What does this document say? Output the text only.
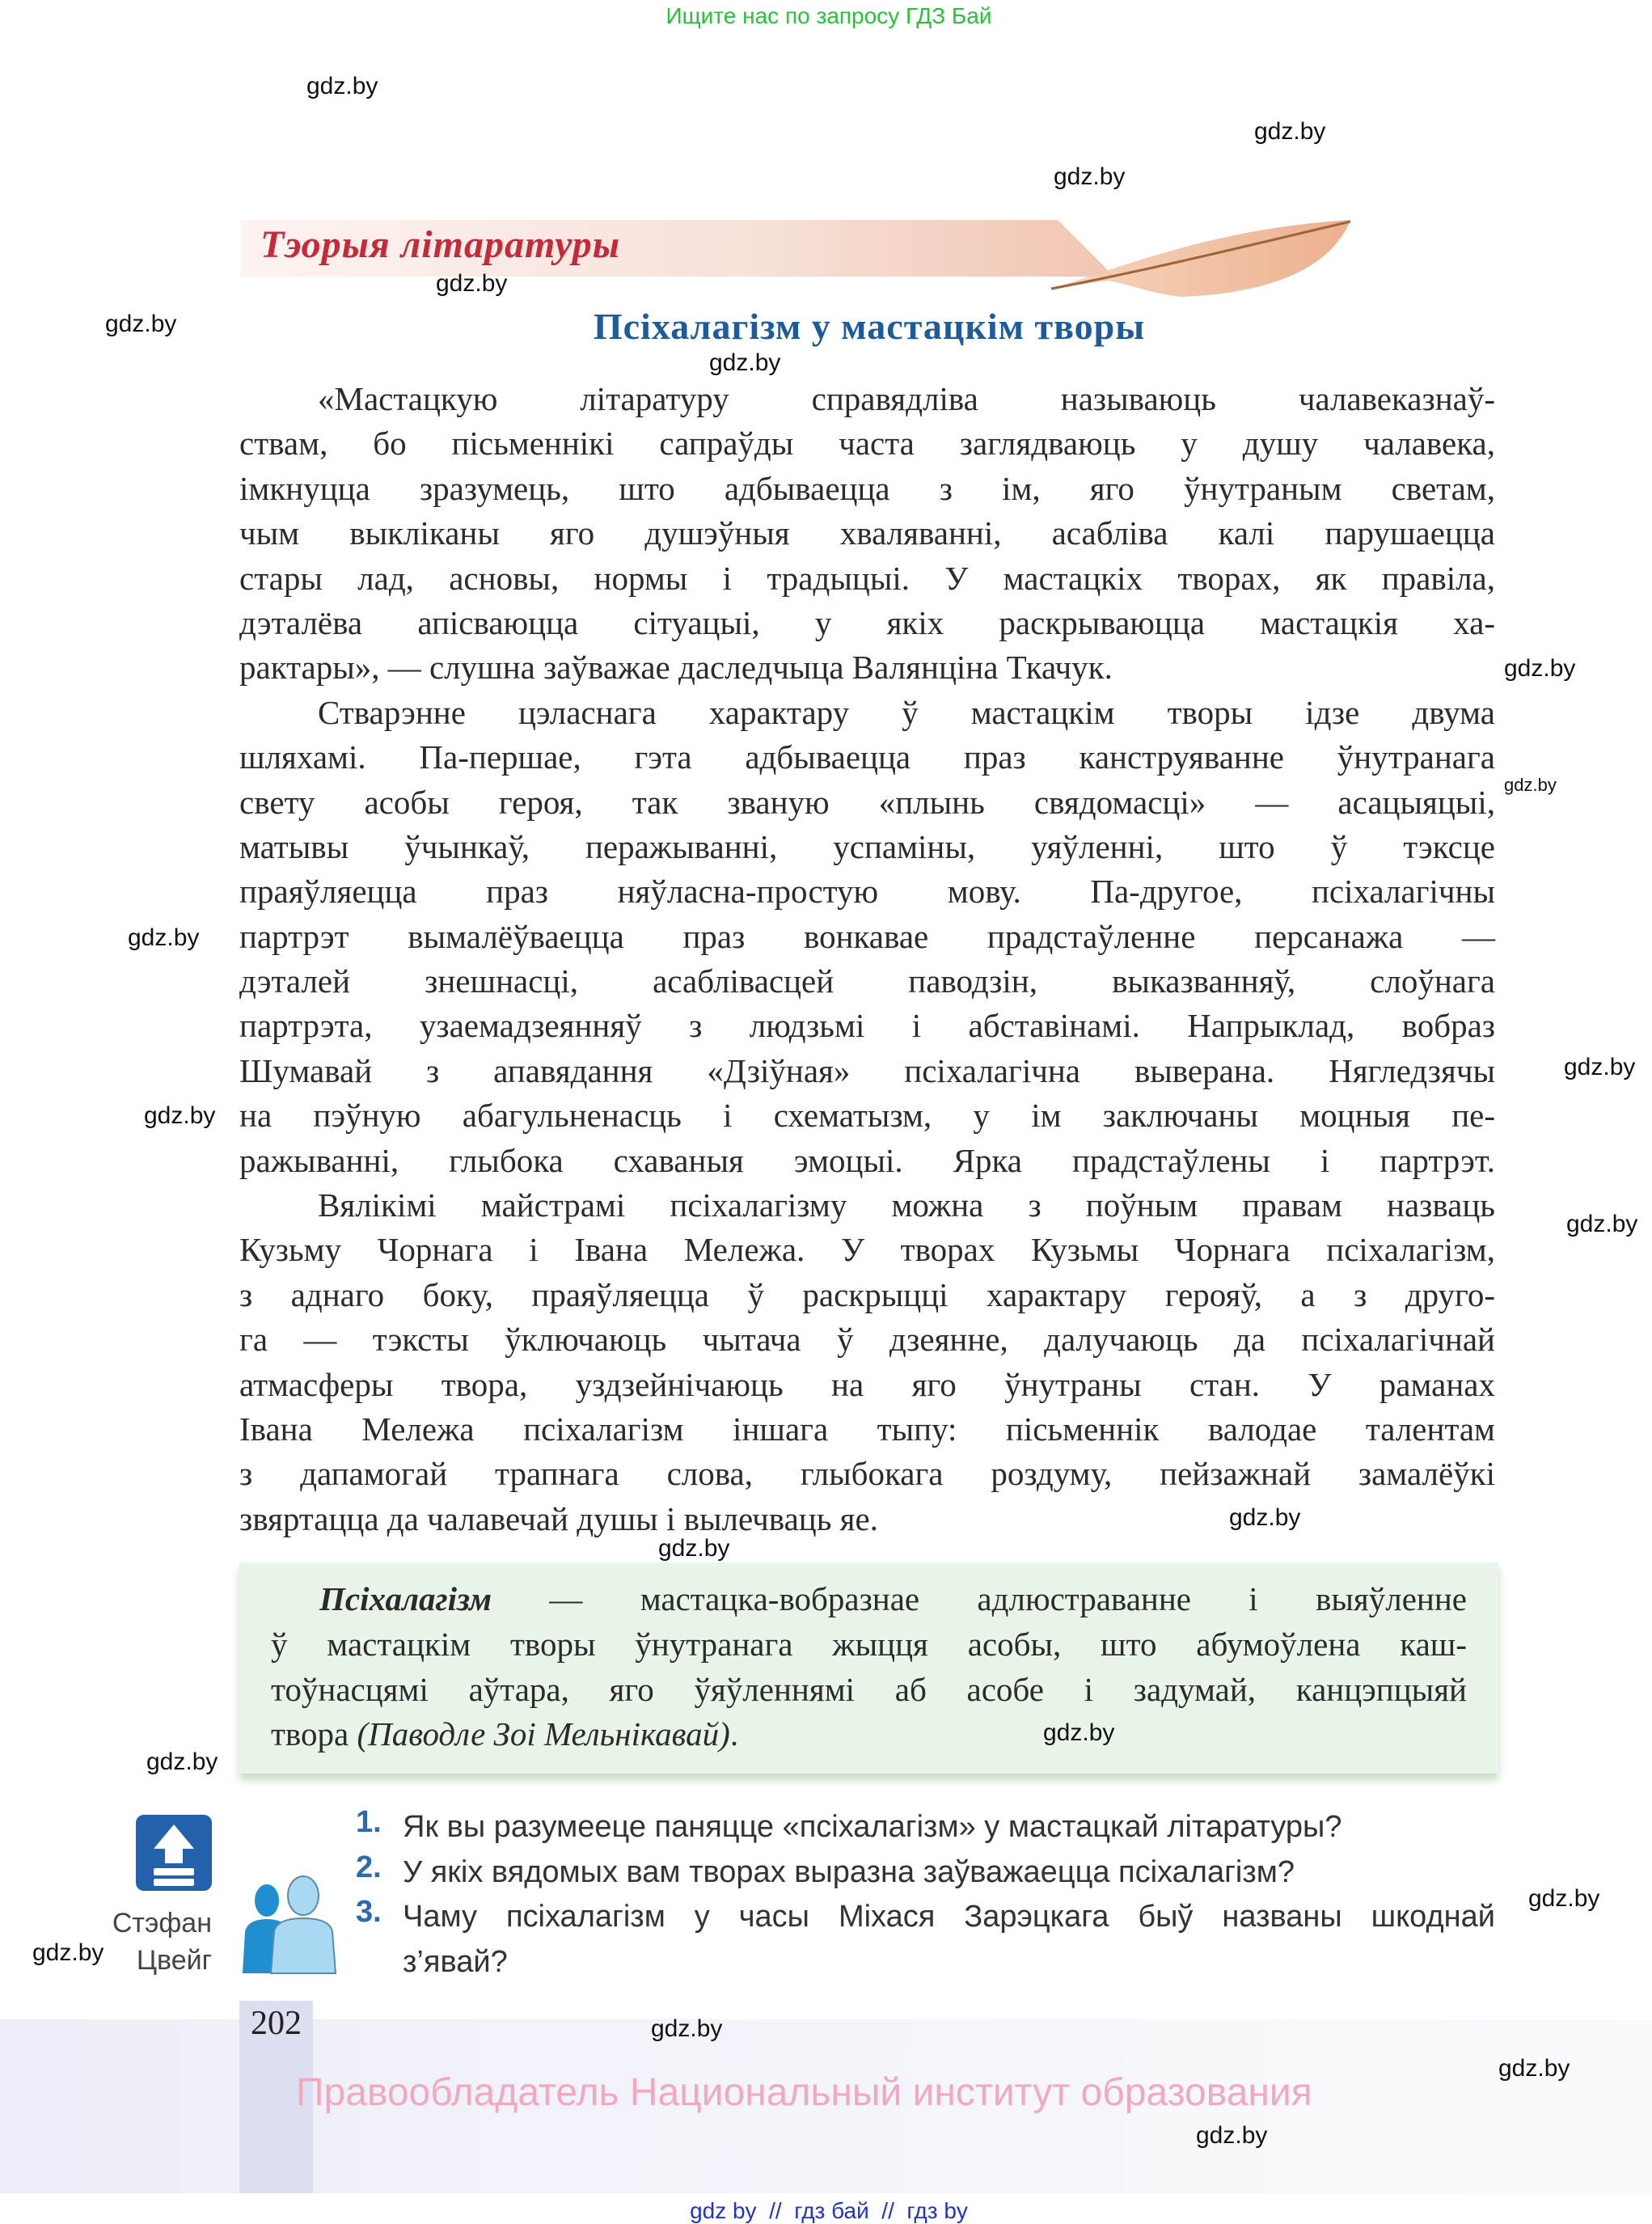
Ищите нас по запросу ГДЗ Бай
Тэорыя літаратуры
Псіхалагізм у мастацкім творы
«Мастацкую літаратуру справядліва называюць чалавеказнаў-
ствам, бо пісьменнікі сапраўды часта заглядваюць у душу чалавека,
імкнуцца зразумець, што адбываецца з ім, яго ўнутраным светам,
чым выкліканы яго душэўныя хваляванні, асабліва калі парушаецца
стары лад, асновы, нормы і традыцыі. У мастацкіх творах, як правіла,
дэталёва апісваюцца сітуацыі, у якіх раскрываюцца мастацкія ха-
рактары», — слушна заўважае даследчыца Валянціна Ткачук.
Стварэнне цэласнага характару ў мастацкім творы ідзе двума
шляхамі. Па-першае, гэта адбываецца праз канструяванне ўнутранага
свету асобы героя, так званую «плынь свядомасці» — асацыяцыі,
матывы ўчынкаў, перажыванні, успаміны, уяўленні, што ў тэксце
праяўляецца праз няўласна-простую мову. Па-другое, псіхалагічны
партрэт вымалёўваецца праз вонкавае прадстаўленне персанажа —
дэталей знешнасці, асаблівасцей паводзін, выказванняў, слоўнага
партрэта, узаемадзеянняў з людзьмі і абставінамі. Напрыклад, вобраз
Шумавай з апавядання «Дзіўная» псіхалагічна выверана. Нягледзячы
на пэўную абагульненасць і схематызм, у ім заключаны моцныя пе-
ражыванні, глыбока схаваныя эмоцыі. Ярка прадстаўлены і партрэт.
Вялікімі майстрамі псіхалагізму можна з поўным правам назваць
Кузьму Чорнага і Івана Мележа. У творах Кузьмы Чорнага псіхалагізм,
з аднаго боку, праяўляецца ў раскрыцці характару герояў, а з друго-
га — тэксты ўключаюць чытача ў дзеянне, далучаюць да псіхалагічнай
атмасферы твора, уздзейнічаюць на яго ўнутраны стан. У раманах
Івана Мележа псіхалагізм іншага тыпу: пісьменнік валодае талентам
з дапамогай трапнага слова, глыбокага роздуму, пейзажнай замалёўкі
звяртацца да чалавечай душы і вылечваць яе.
Псіхалагізм — мастацка-вобразнае адлюстраванне і выяўленне
ў мастацкім творы ўнутранага жыцця асобы, што абумоўлена каш-
тоўнасцямі аўтара, яго ўяўленнямі аб асобе і задумай, канцэпцыяй
твора (Паводле Зоі Мельнікавай).
Стэфан
Цвейг
1. Як вы разумееце паняцце «псіхалагізм» у мастацкай літаратуры?
2. У якіх вядомых вам творах выразна заўважаецца псіхалагізм?
3. Чаму псіхалагізм у часы Міхася Зарэцкага быў названы шкоднай
з’явай?
202
Правообладатель Национальный институт образования
gdz by  //  гдз бай  //  гдз by
gdz.by
gdz.by
gdz.by
gdz.by
gdz.by
gdz.by
gdz.by
gdz.by
gdz.by
gdz.by
gdz.by
gdz.by
gdz.by
gdz.by
gdz.by
gdz.by
gdz.by
gdz.by
gdz.by
gdz.by
gdz.by
